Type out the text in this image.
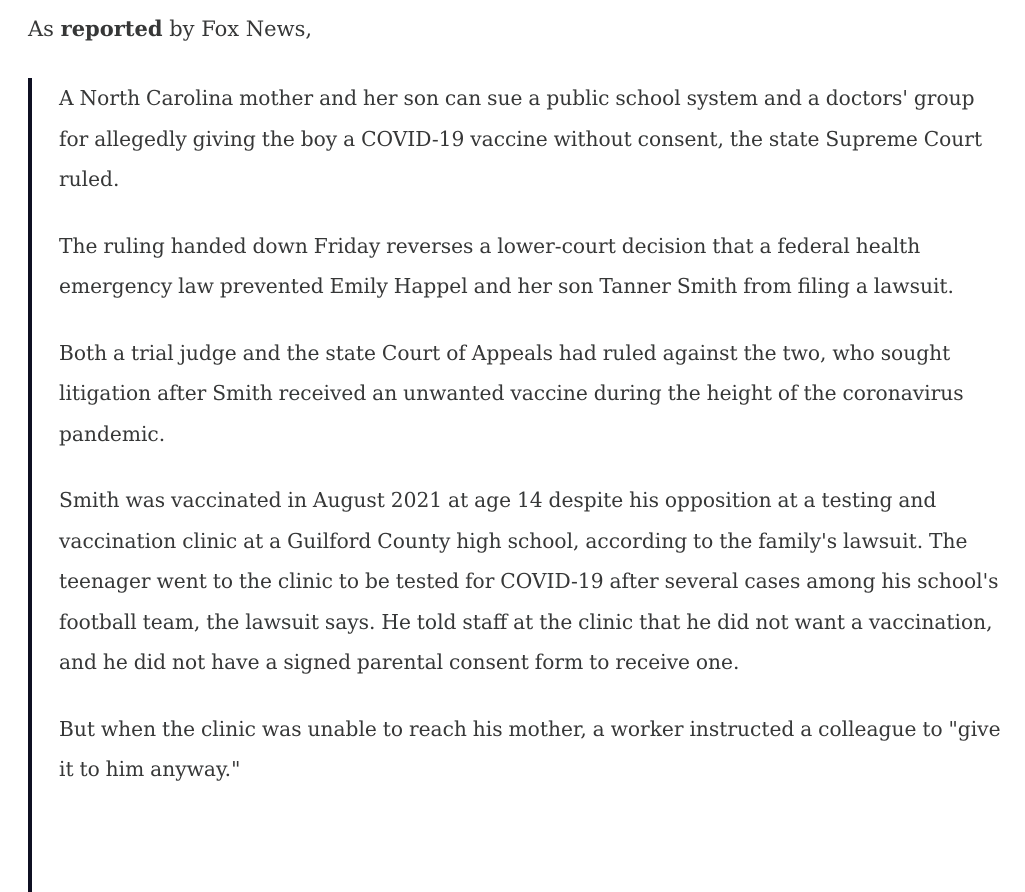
As reported by Fox News,

A North Carolina mother and her son can sue a public school system and a doctors' group for allegedly giving the boy a COVID-19 vaccine without consent, the state Supreme Court ruled.

The ruling handed down Friday reverses a lower-court decision that a federal health emergency law prevented Emily Happel and her son Tanner Smith from filing a lawsuit.

Both a trial judge and the state Court of Appeals had ruled against the two, who sought litigation after Smith received an unwanted vaccine during the height of the coronavirus pandemic.

Smith was vaccinated in August 2021 at age 14 despite his opposition at a testing and vaccination clinic at a Guilford County high school, according to the family's lawsuit. The teenager went to the clinic to be tested for COVID-19 after several cases among his school's football team, the lawsuit says. He told staff at the clinic that he did not want a vaccination, and he did not have a signed parental consent form to receive one.

But when the clinic was unable to reach his mother, a worker instructed a colleague to "give it to him anyway."
